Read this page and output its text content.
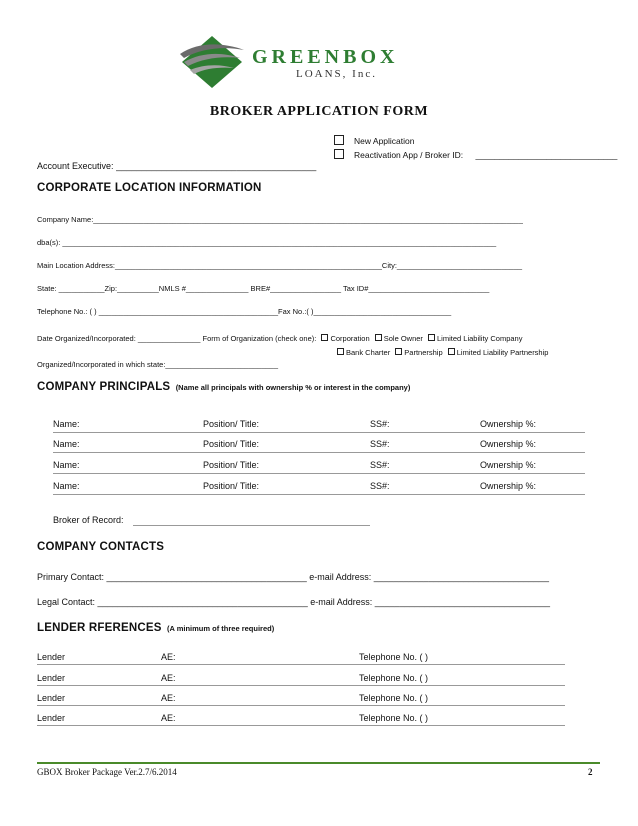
GREENBOX
LOANS, Inc.
BROKER APPLICATION FORM
New Application
Reactivation App / Broker ID: ______________________________
Account Executive: ________________________________________
CORPORATE LOCATION INFORMATION
Company Name:_______________________________________________________________________________________________________
dba(s): ________________________________________________________________________________________________________
Main Location Address:________________________________________________________________City:______________________________
State: ___________Zip:__________NMLS #_______________ BRE#_________________ Tax ID#_____________________________
Telephone No.: ( ) ___________________________________________Fax No.:( )_________________________________
Date Organized/Incorporated: _______________ Form of Organization (check one): Corporation Sole Owner Limited Liability Company
Bank Charter Partnership Limited Liability Partnership
Organized/Incorporated in which state:___________________________
COMPANY PRINCIPALS (Name all principals with ownership % or interest in the company)
Name:	Position/ Title:	SS#:	Ownership %:
Name:	Position/ Title:	SS#:	Ownership %:
Name:	Position/ Title:	SS#:	Ownership %:
Name:	Position/ Title:	SS#:	Ownership %:
Broker of Record:
COMPANY CONTACTS
Primary Contact: ________________________________________ e-mail Address: ___________________________________
Legal Contact: __________________________________________ e-mail Address: ___________________________________
LENDER RFERENCES (A minimum of three required)
Lender	AE:	Telephone No. ( )
Lender	AE:	Telephone No. ( )
Lender	AE:	Telephone No. ( )
Lender	AE:	Telephone No. ( )
GBOX Broker Package Ver.2.7/6.2014	2
